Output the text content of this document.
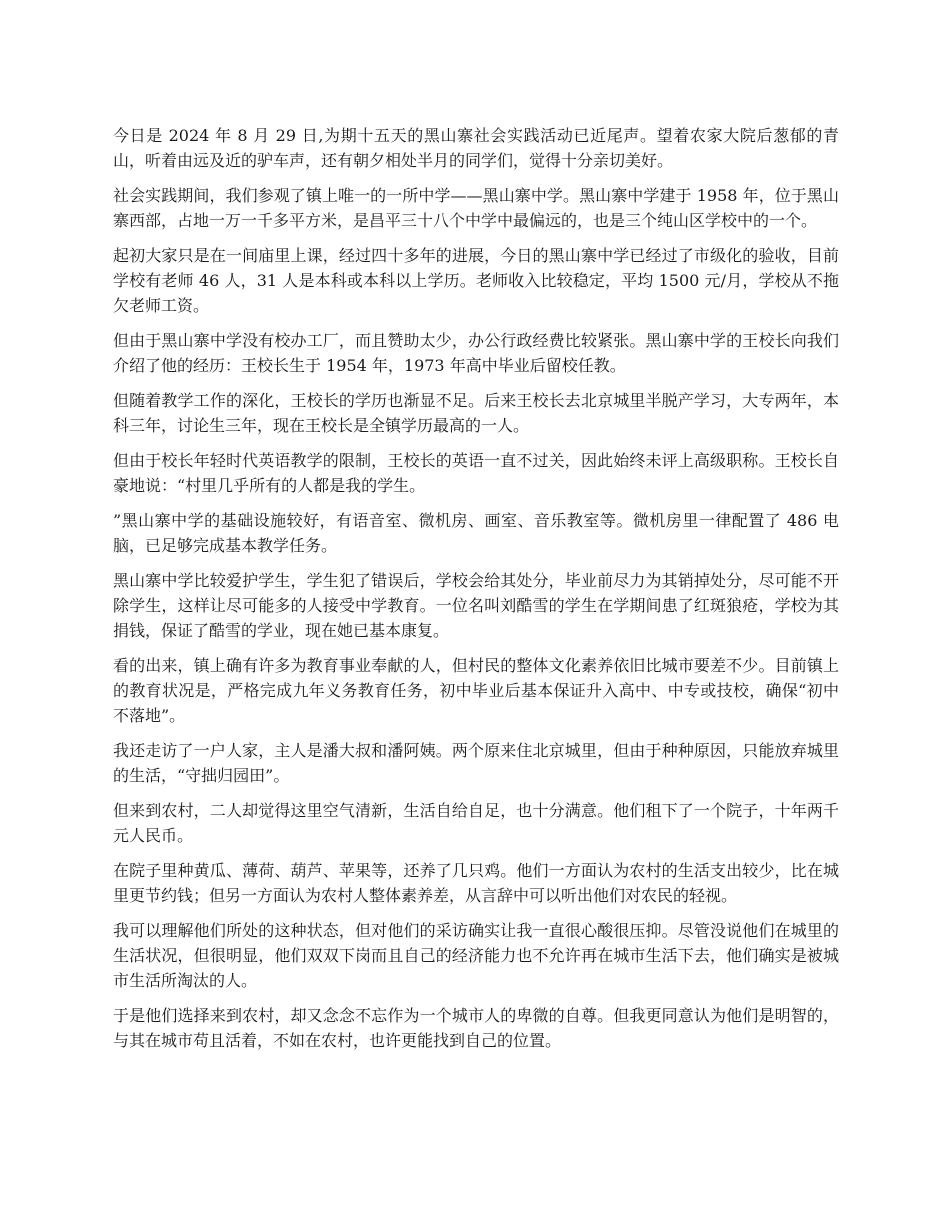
今日是 2024 年 8 月 29 日,为期十五天的黑山寨社会实践活动已近尾声。望着农家大院后葱郁的青山，听着由远及近的驴车声，还有朝夕相处半月的同学们，觉得十分亲切美好。

社会实践期间，我们参观了镇上唯一的一所中学——黑山寨中学。黑山寨中学建于 1958 年，位于黑山寨西部，占地一万一千多平方米，是昌平三十八个中学中最偏远的，也是三个纯山区学校中的一个。

起初大家只是在一间庙里上课，经过四十多年的进展，今日的黑山寨中学已经过了市级化的验收，目前学校有老师 46 人，31 人是本科或本科以上学历。老师收入比较稳定，平均 1500 元/月，学校从不拖欠老师工资。

但由于黑山寨中学没有校办工厂，而且赞助太少，办公行政经费比较紧张。黑山寨中学的王校长向我们介绍了他的经历：王校长生于 1954 年，1973 年高中毕业后留校任教。

但随着教学工作的深化，王校长的学历也渐显不足。后来王校长去北京城里半脱产学习，大专两年，本科三年，讨论生三年，现在王校长是全镇学历最高的一人。

但由于校长年轻时代英语教学的限制，王校长的英语一直不过关，因此始终未评上高级职称。王校长自豪地说：“村里几乎所有的人都是我的学生。

”黑山寨中学的基础设施较好，有语音室、微机房、画室、音乐教室等。微机房里一律配置了 486 电脑，已足够完成基本教学任务。

黑山寨中学比较爱护学生，学生犯了错误后，学校会给其处分，毕业前尽力为其销掉处分，尽可能不开除学生，这样让尽可能多的人接受中学教育。一位名叫刘酷雪的学生在学期间患了红斑狼疮，学校为其捐钱，保证了酷雪的学业，现在她已基本康复。

看的出来，镇上确有许多为教育事业奉献的人，但村民的整体文化素养依旧比城市要差不少。目前镇上的教育状况是，严格完成九年义务教育任务，初中毕业后基本保证升入高中、中专或技校，确保“初中不落地”。

我还走访了一户人家，主人是潘大叔和潘阿姨。两个原来住北京城里，但由于种种原因，只能放弃城里的生活，“守拙归园田”。

但来到农村，二人却觉得这里空气清新，生活自给自足，也十分满意。他们租下了一个院子，十年两千元人民币。

在院子里种黄瓜、薄荷、葫芦、苹果等，还养了几只鸡。他们一方面认为农村的生活支出较少，比在城里更节约钱；但另一方面认为农村人整体素养差，从言辞中可以听出他们对农民的轻视。

我可以理解他们所处的这种状态，但对他们的采访确实让我一直很心酸很压抑。尽管没说他们在城里的生活状况，但很明显，他们双双下岗而且自己的经济能力也不允许再在城市生活下去，他们确实是被城市生活所淘汰的人。

于是他们选择来到农村，却又念念不忘作为一个城市人的卑微的自尊。但我更同意认为他们是明智的，与其在城市苟且活着，不如在农村，也许更能找到自己的位置。
